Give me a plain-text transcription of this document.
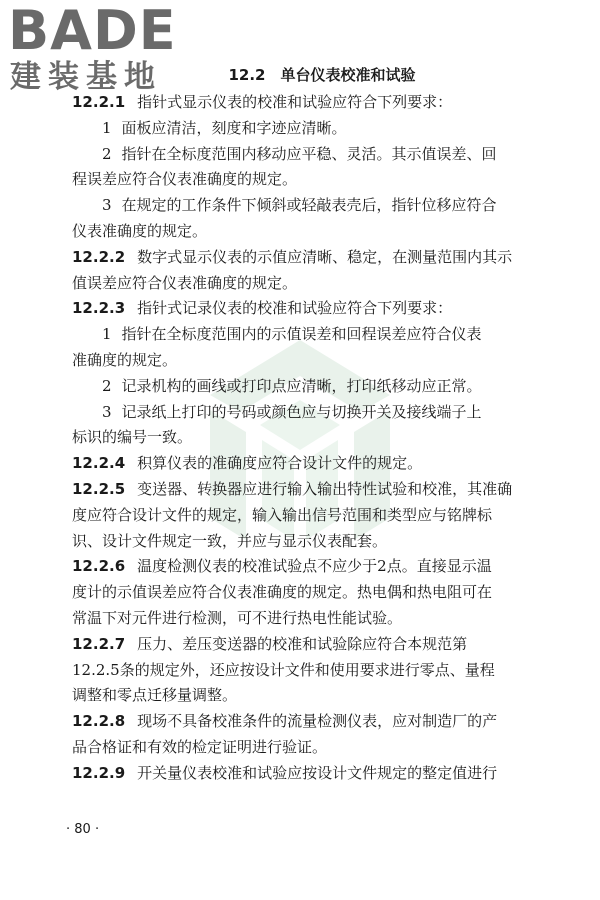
BADE
建装基地	12.2　单台仪表校准和试验
12.2.1 指针式显示仪表的校准和试验应符合下列要求：
1 面板应清洁，刻度和字迹应清晰。
2 指针在全标度范围内移动应平稳、灵活。其示值误差、回
程误差应符合仪表准确度的规定。
3 在规定的工作条件下倾斜或轻敲表壳后，指针位移应符合
仪表准确度的规定。
12.2.2 数字式显示仪表的示值应清晰、稳定，在测量范围内其示
值误差应符合仪表准确度的规定。
12.2.3 指针式记录仪表的校准和试验应符合下列要求：
1 指针在全标度范围内的示值误差和回程误差应符合仪表
准确度的规定。
2 记录机构的画线或打印点应清晰，打印纸移动应正常。
3 记录纸上打印的号码或颜色应与切换开关及接线端子上
标识的编号一致。
12.2.4 积算仪表的准确度应符合设计文件的规定。
12.2.5 变送器、转换器应进行输入输出特性试验和校准，其准确
度应符合设计文件的规定，输入输出信号范围和类型应与铭牌标
识、设计文件规定一致，并应与显示仪表配套。
12.2.6 温度检测仪表的校准试验点不应少于2点。直接显示温
度计的示值误差应符合仪表准确度的规定。热电偶和热电阻可在
常温下对元件进行检测，可不进行热电性能试验。
12.2.7 压力、差压变送器的校准和试验除应符合本规范第
12.2.5条的规定外，还应按设计文件和使用要求进行零点、量程
调整和零点迁移量调整。
12.2.8 现场不具备校准条件的流量检测仪表，应对制造厂的产
品合格证和有效的检定证明进行验证。
12.2.9 开关量仪表校准和试验应按设计文件规定的整定值进行
· 80 ·
